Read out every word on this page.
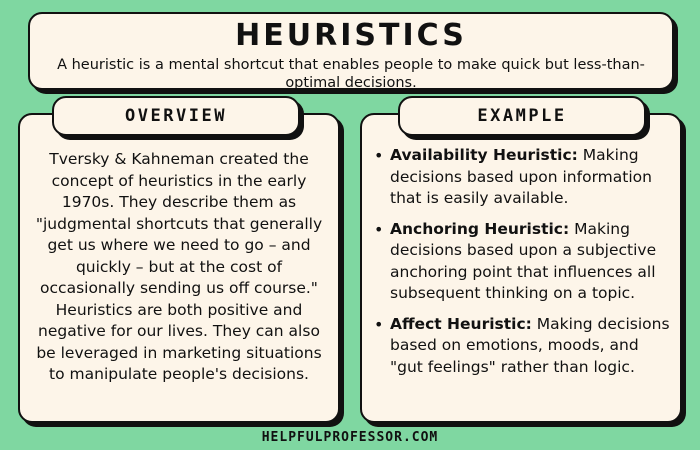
HEURISTICS
A heuristic is a mental shortcut that enables people to make quick but less-than-optimal decisions.
OVERVIEW
Tversky & Kahneman created the concept of heuristics in the early 1970s. They describe them as "judgmental shortcuts that generally get us where we need to go – and quickly – but at the cost of occasionally sending us off course." Heuristics are both positive and negative for our lives. They can also be leveraged in marketing situations to manipulate people's decisions.
EXAMPLE
• Availability Heuristic: Making decisions based upon information that is easily available.
• Anchoring Heuristic: Making decisions based upon a subjective anchoring point that influences all subsequent thinking on a topic.
• Affect Heuristic: Making decisions based on emotions, moods, and "gut feelings" rather than logic.
HELPFULPROFESSOR.COM
